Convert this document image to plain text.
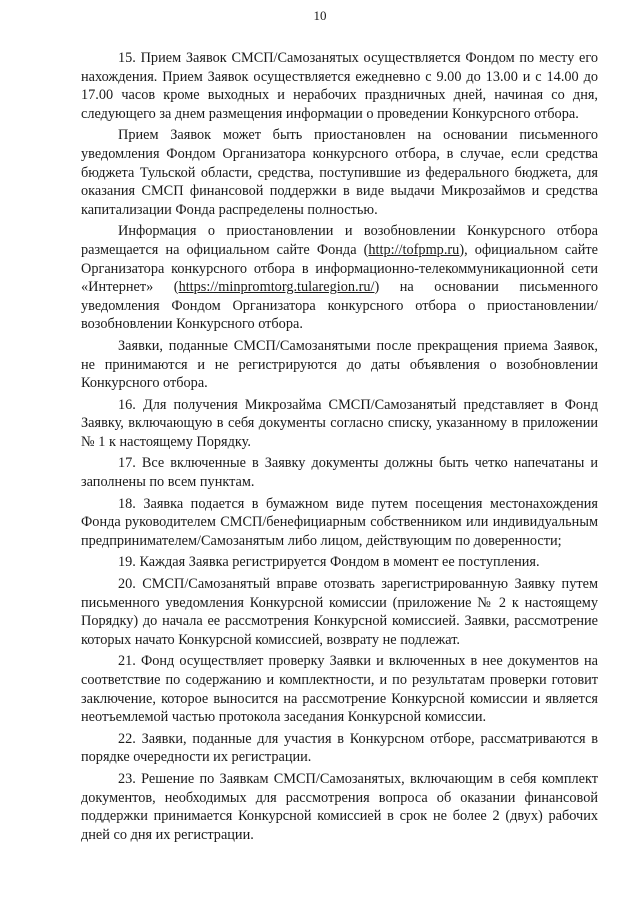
10

15. Прием Заявок СМСП/Самозанятых осуществляется Фондом по месту его нахождения. Прием Заявок осуществляется ежедневно с 9.00 до 13.00 и с 14.00 до 17.00 часов кроме выходных и нерабочих праздничных дней, начиная со дня, следующего за днем размещения информации о проведении Конкурсного отбора.

Прием Заявок может быть приостановлен на основании письменного уведомления Фондом Организатора конкурсного отбора, в случае, если средства бюджета Тульской области, средства, поступившие из федерального бюджета, для оказания СМСП финансовой поддержки в виде выдачи Микрозаймов и средства капитализации Фонда распределены полностью.

Информация о приостановлении и возобновлении Конкурсного отбора размещается на официальном сайте Фонда (http://tofpmp.ru), официальном сайте Организатора конкурсного отбора в информационно-телекоммуникационной сети «Интернет» (https://minpromtorg.tularegion.ru/) на основании письменного уведомления Фондом Организатора конкурсного отбора о приостановлении/возобновлении Конкурсного отбора.

Заявки, поданные СМСП/Самозанятыми после прекращения приема Заявок, не принимаются и не регистрируются до даты объявления о возобновлении Конкурсного отбора.

16. Для получения Микрозайма СМСП/Самозанятый представляет в Фонд Заявку, включающую в себя документы согласно списку, указанному в приложении № 1 к настоящему Порядку.

17. Все включенные в Заявку документы должны быть четко напечатаны и заполнены по всем пунктам.

18. Заявка подается в бумажном виде путем посещения местонахождения Фонда руководителем СМСП/бенефициарным собственником или индивидуальным предпринимателем/Самозанятым либо лицом, действующим по доверенности;

19. Каждая Заявка регистрируется Фондом в момент ее поступления.

20. СМСП/Самозанятый вправе отозвать зарегистрированную Заявку путем письменного уведомления Конкурсной комиссии (приложение № 2 к настоящему Порядку) до начала ее рассмотрения Конкурсной комиссией. Заявки, рассмотрение которых начато Конкурсной комиссией, возврату не подлежат.

21. Фонд осуществляет проверку Заявки и включенных в нее документов на соответствие по содержанию и комплектности, и по результатам проверки готовит заключение, которое выносится на рассмотрение Конкурсной комиссии и является неотъемлемой частью протокола заседания Конкурсной комиссии.

22. Заявки, поданные для участия в Конкурсном отборе, рассматриваются в порядке очередности их регистрации.

23. Решение по Заявкам СМСП/Самозанятых, включающим в себя комплект документов, необходимых для рассмотрения вопроса об оказании финансовой поддержки принимается Конкурсной комиссией в срок не более 2 (двух) рабочих дней со дня их регистрации.
